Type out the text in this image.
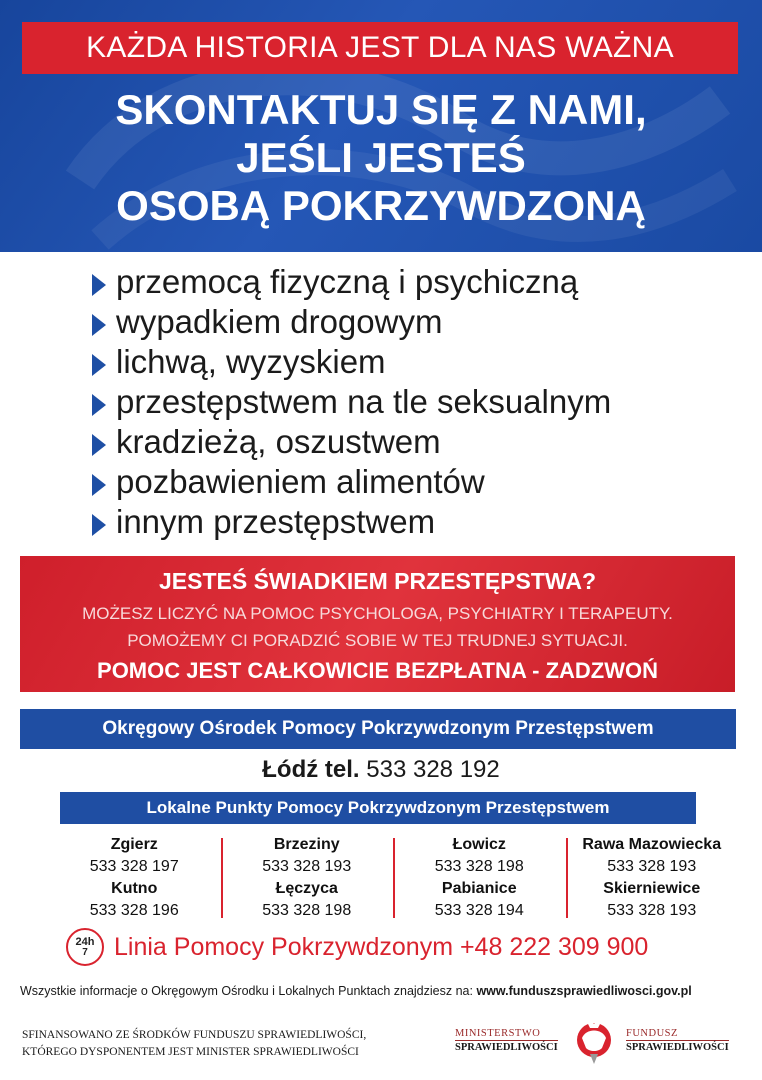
KAŻDA HISTORIA JEST DLA NAS WAŻNA
SKONTAKTUJ SIĘ Z NAMI,
JEŚLI JESTEŚ
OSOBĄ POKRZYWDZONĄ
przemocą fizyczną i psychiczną
wypadkiem drogowym
lichwą, wyzyskiem
przestępstwem na tle seksualnym
kradzieżą, oszustwem
pozbawieniem alimentów
innym przestępstwem
JESTEŚ ŚWIADKIEM PRZESTĘPSTWA?
MOŻESZ LICZYĆ NA POMOC PSYCHOLOGA, PSYCHIATRY I TERAPEUTY.
POMOŻEMY CI PORADZIĆ SOBIE W TEJ TRUDNEJ SYTUACJI.
POMOC JEST CAŁKOWICIE BEZPŁATNA - ZADZWOŃ
Okręgowy Ośrodek Pomocy Pokrzywdzonym Przestępstwem
Łódź tel. 533 328 192
Lokalne Punkty Pomocy Pokrzywdzonym Przestępstwem
Zgierz
533 328 197
Kutno
533 328 196
Brzeziny
533 328 193
Łęczyca
533 328 198
Łowicz
533 328 198
Pabianice
533 328 194
Rawa Mazowiecka
533 328 193
Skierniewice
533 328 193
24h
7 Linia Pomocy Pokrzywdzonym +48 222 309 900
Wszystkie informacje o Okręgowym Ośrodku i Lokalnych Punktach znajdziesz na: www.funduszsprawiedliwosci.gov.pl
SFINANSOWANO ZE ŚRODKÓW FUNDUSZU SPRAWIEDLIWOŚCI,
KTÓREGO DYSPONENTEM JEST MINISTER SPRAWIEDLIWOŚCI
MINISTERSTWO
SPRAWIEDLIWOŚCI
FUNDUSZ
SPRAWIEDLIWOŚCI
